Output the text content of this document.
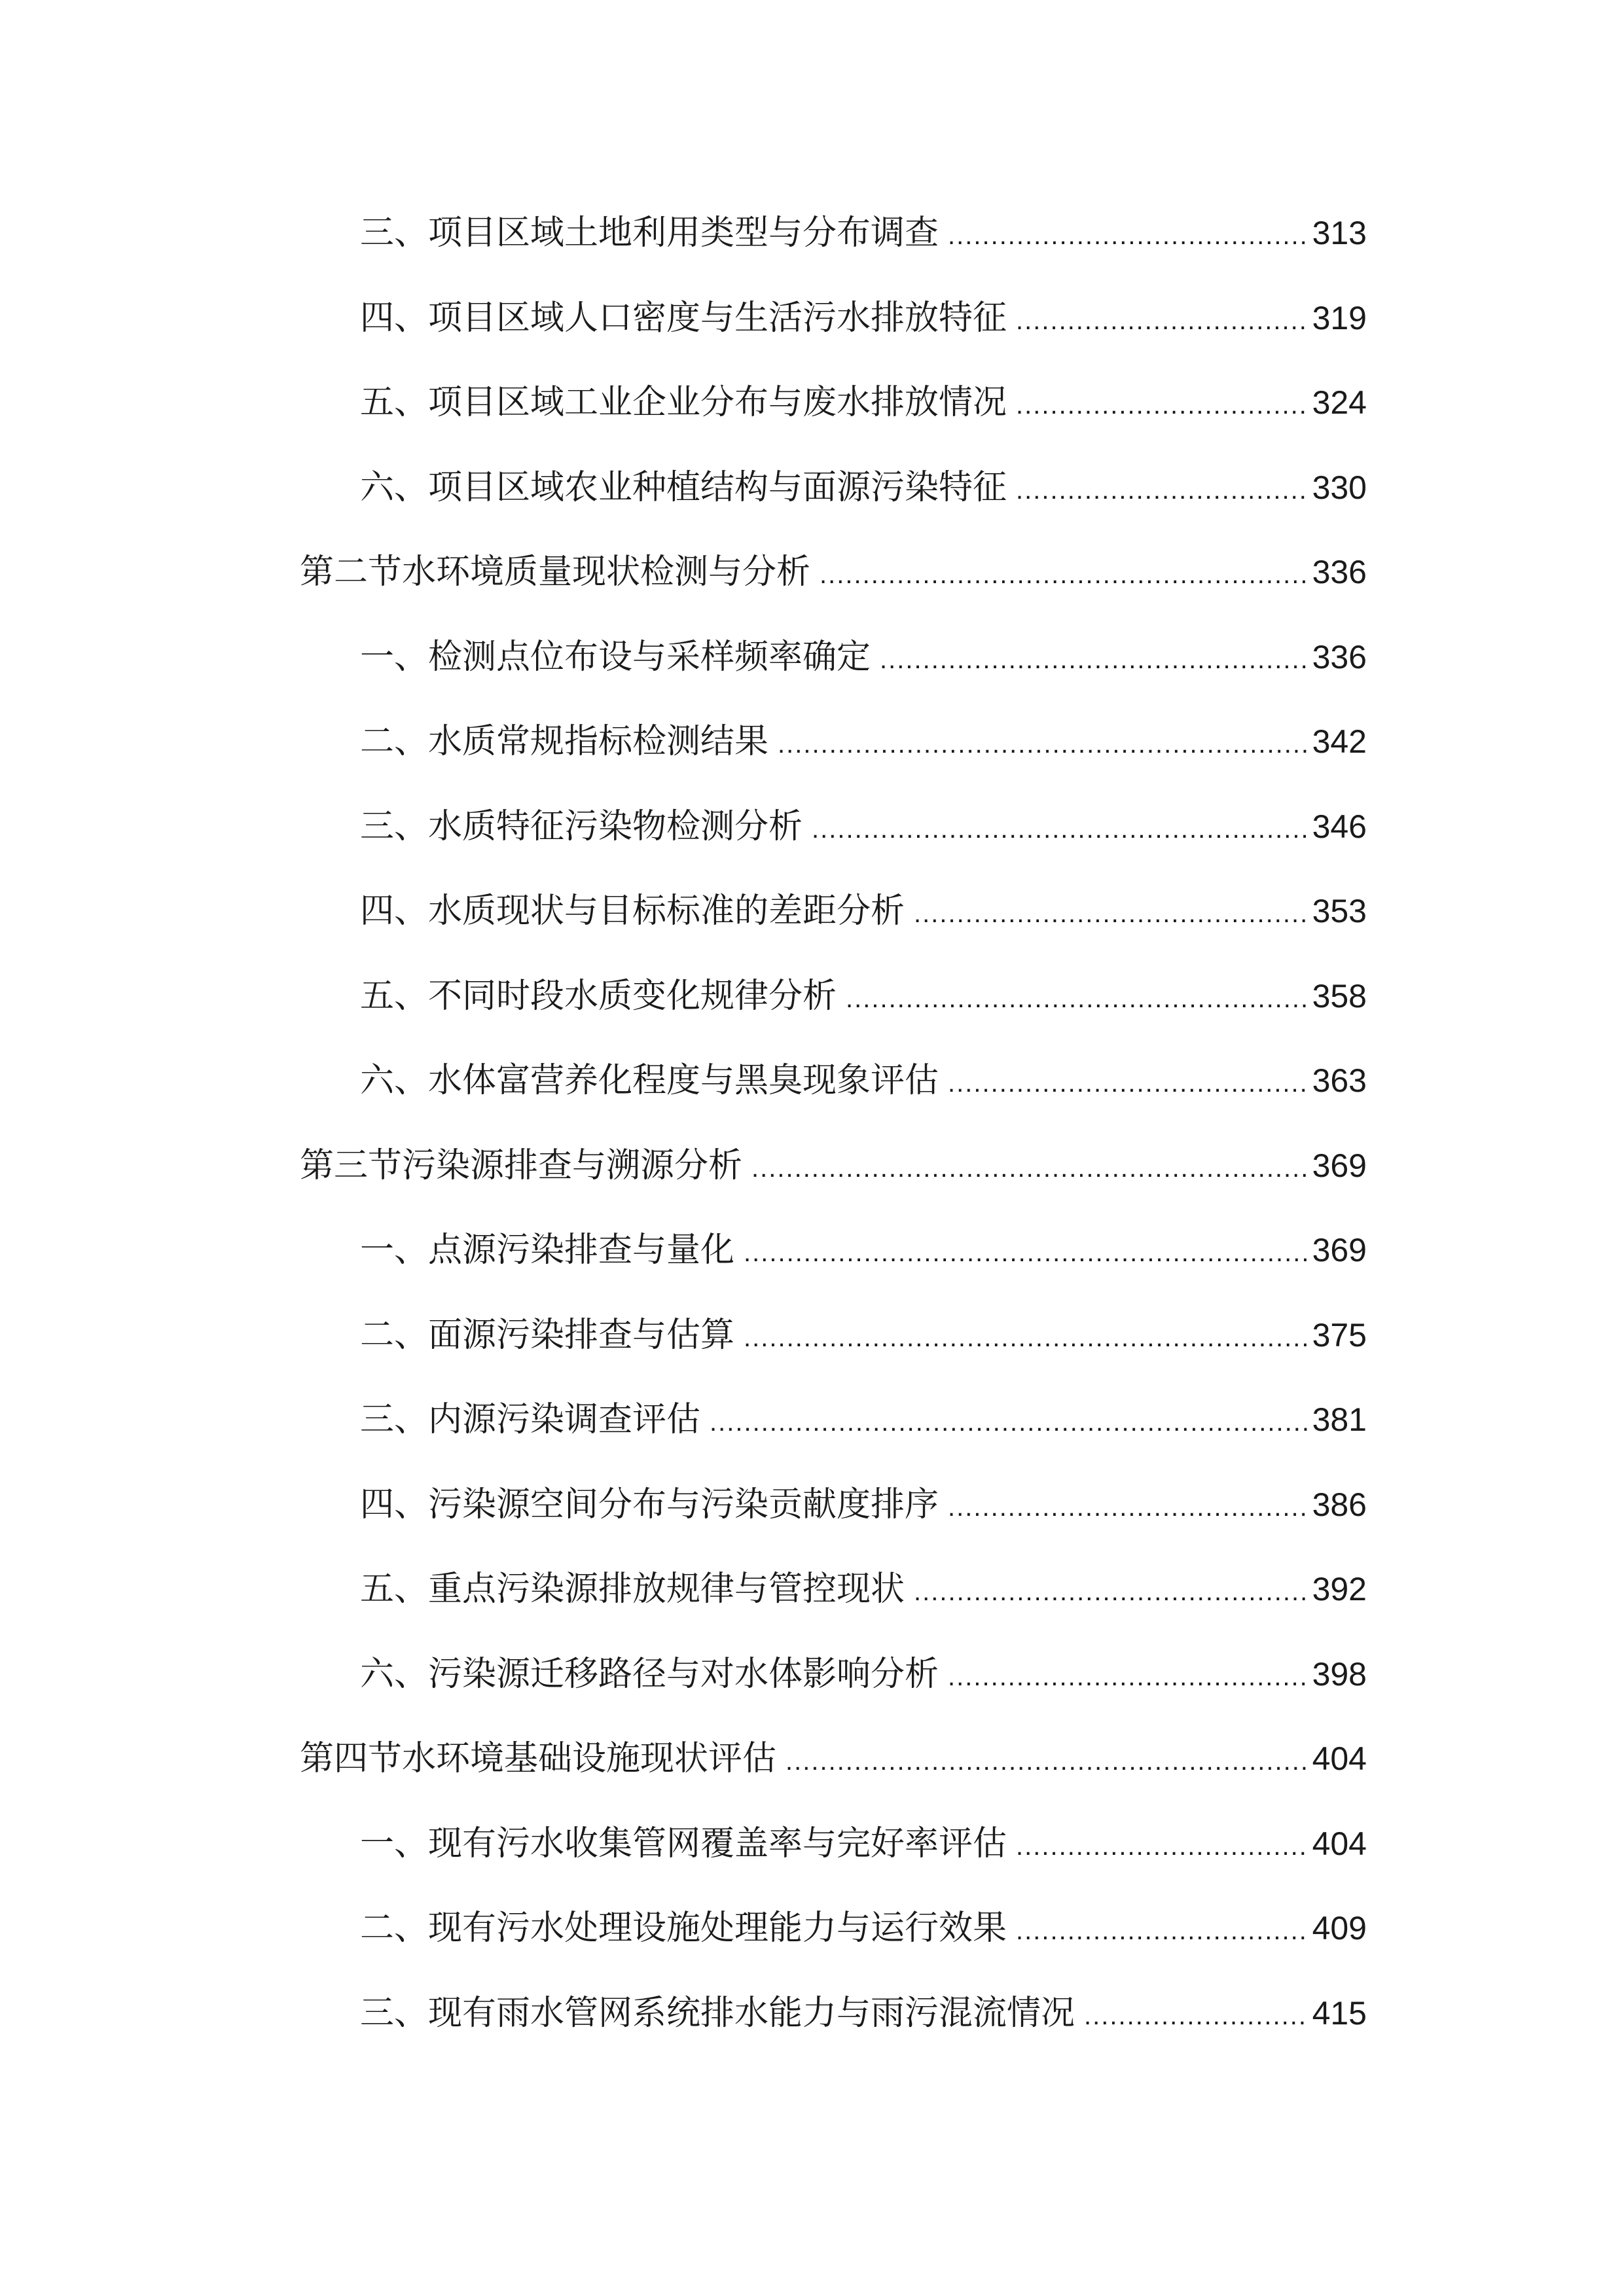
三、项目区域土地利用类型与分布调查 .....	313
四、项目区域人口密度与生活污水排放特征 .....	319
五、项目区域工业企业分布与废水排放情况 .....	324
六、项目区域农业种植结构与面源污染特征 .....	330
第二节水环境质量现状检测与分析 .....	336
一、检测点位布设与采样频率确定 .....	336
二、水质常规指标检测结果 .....	342
三、水质特征污染物检测分析 .....	346
四、水质现状与目标标准的差距分析 .....	353
五、不同时段水质变化规律分析 .....	358
六、水体富营养化程度与黑臭现象评估 .....	363
第三节污染源排查与溯源分析 .....	369
一、点源污染排查与量化 .....	369
二、面源污染排查与估算 .....	375
三、内源污染调查评估 .....	381
四、污染源空间分布与污染贡献度排序 .....	386
五、重点污染源排放规律与管控现状 .....	392
六、污染源迁移路径与对水体影响分析 .....	398
第四节水环境基础设施现状评估 .....	404
一、现有污水收集管网覆盖率与完好率评估 .....	404
二、现有污水处理设施处理能力与运行效果 .....	409
三、现有雨水管网系统排水能力与雨污混流情况 .....	415
